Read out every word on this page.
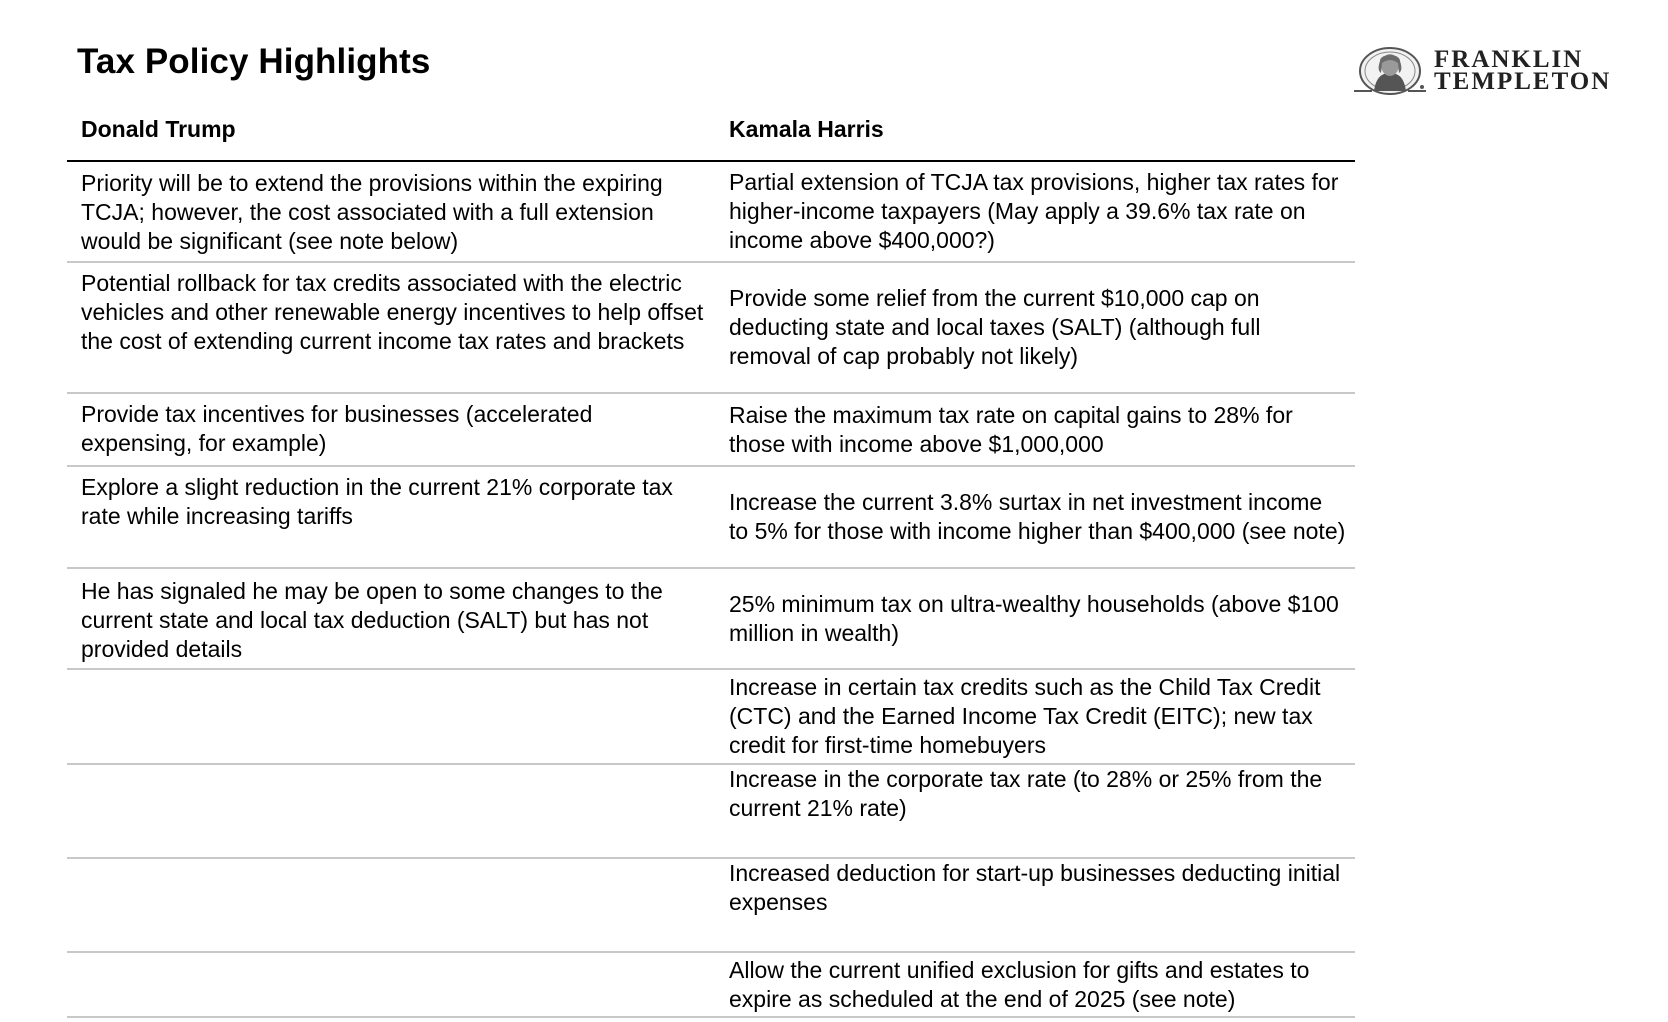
Tax Policy Highlights	FRANKLIN
TEMPLETON
Donald Trump	Kamala Harris
Priority will be to extend the provisions within the expiring TCJA; however, the cost associated with a full extension would be significant (see note below)	Partial extension of TCJA tax provisions, higher tax rates for higher-income taxpayers (May apply a 39.6% tax rate on income above $400,000?)
Potential rollback for tax credits associated with the electric vehicles and other renewable energy incentives to help offset the cost of extending current income tax rates and brackets	Provide some relief from the current $10,000 cap on deducting state and local taxes (SALT) (although full removal of cap probably not likely)
Provide tax incentives for businesses (accelerated expensing, for example)	Raise the maximum tax rate on capital gains to 28% for those with income above $1,000,000
Explore a slight reduction in the current 21% corporate tax rate while increasing tariffs	Increase the current 3.8% surtax in net investment income to 5% for those with income higher than $400,000 (see note)
He has signaled he may be open to some changes to the current state and local tax deduction (SALT) but has not provided details	25% minimum tax on ultra-wealthy households (above $100 million in wealth)
	Increase in certain tax credits such as the Child Tax Credit (CTC) and the Earned Income Tax Credit (EITC); new tax credit for first-time homebuyers
	Increase in the corporate tax rate (to 28% or 25% from the current 21% rate)
	Increased deduction for start-up businesses deducting initial expenses
	Allow the current unified exclusion for gifts and estates to expire as scheduled at the end of 2025 (see note)
